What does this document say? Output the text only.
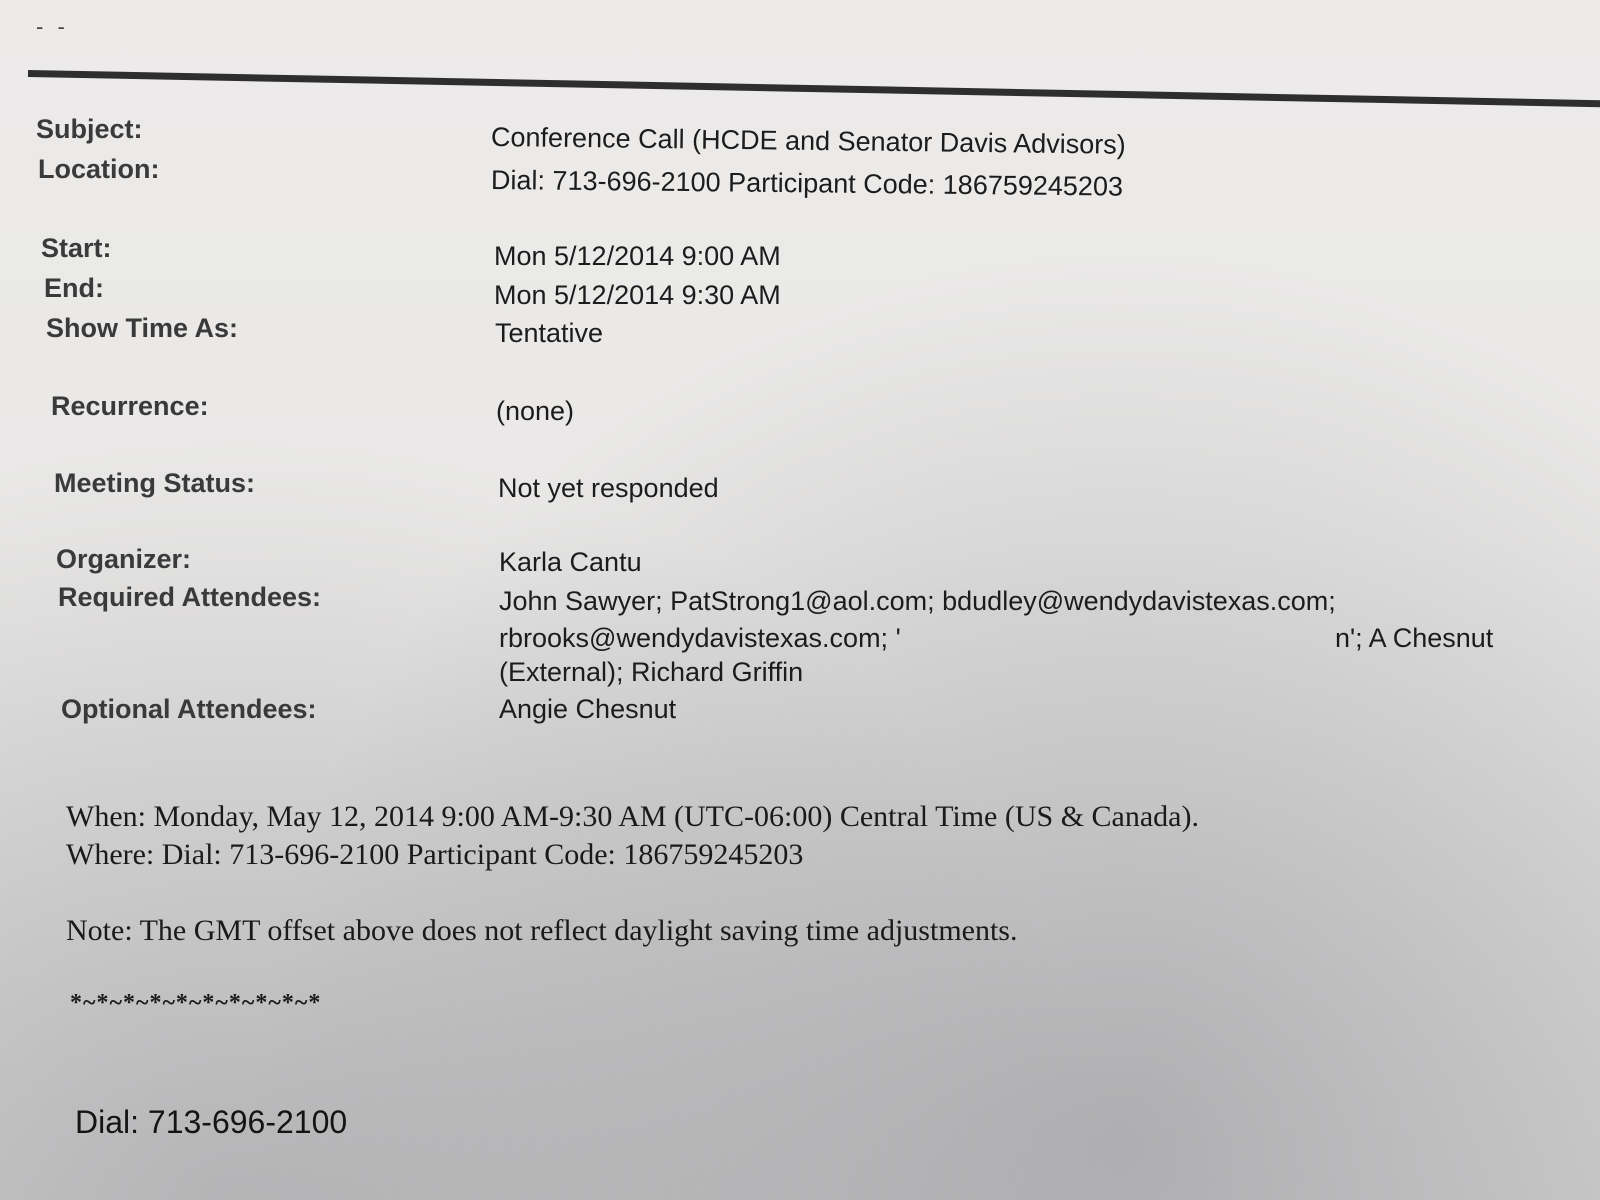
- -
Subject:
Location:
Start:
End:
Show Time As:
Recurrence:
Meeting Status:
Organizer:
Required Attendees:
Optional Attendees:
Conference Call (HCDE and Senator Davis Advisors)
Dial: 713-696-2100 Participant Code: 186759245203
Mon 5/12/2014 9:00 AM
Mon 5/12/2014 9:30 AM
Tentative
(none)
Not yet responded
Karla Cantu
John Sawyer; PatStrong1@aol.com; bdudley@wendydavistexas.com;
rbrooks@wendydavistexas.com; '	n'; A Chesnut
(External); Richard Griffin
Angie Chesnut
When: Monday, May 12, 2014 9:00 AM-9:30 AM (UTC-06:00) Central Time (US & Canada).
Where: Dial: 713-696-2100 Participant Code: 186759245203
Note: The GMT offset above does not reflect daylight saving time adjustments.
*~*~*~*~*~*~*~*~*~*
Dial: 713-696-2100
